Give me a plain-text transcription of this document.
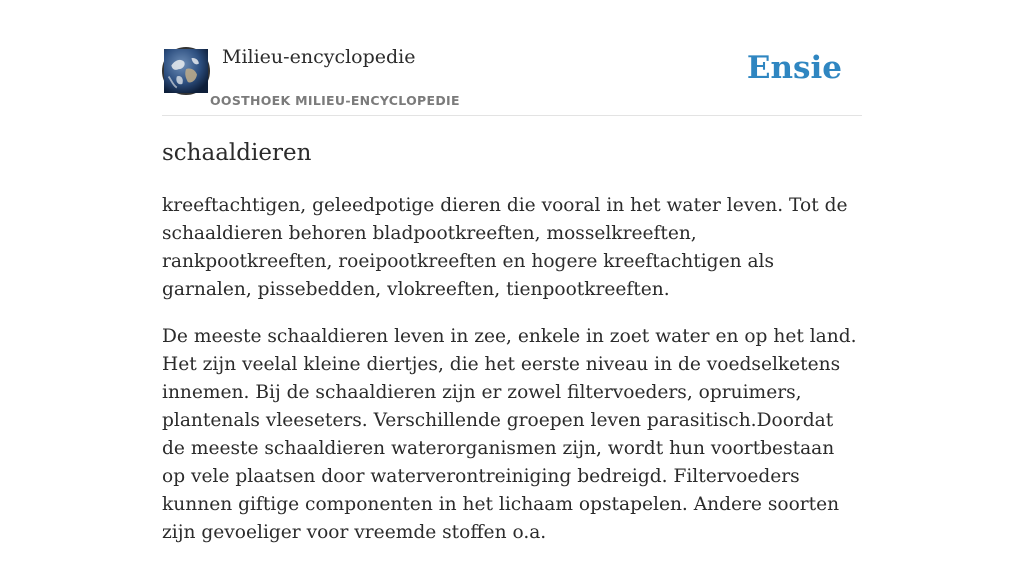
Milieu-encyclopedie
OOSTHOEK MILIEU-ENCYCLOPEDIE
Ensie
schaaldieren

kreeftachtigen, geleedpotige dieren die vooral in het water leven. Tot de schaaldieren behoren bladpootkreeften, mosselkreeften, rankpootkreeften, roeipootkreeften en hogere kreeftachtigen als garnalen, pissebedden, vlokreeften, tienpootkreeften.

De meeste schaaldieren leven in zee, enkele in zoet water en op het land. Het zijn veelal kleine diertjes, die het eerste niveau in de voedselketens innemen. Bij de schaaldieren zijn er zowel filtervoeders, opruimers, plantenals vleeseters. Verschillende groepen leven parasitisch.Doordat de meeste schaaldieren waterorganismen zijn, wordt hun voortbestaan op vele plaatsen door waterverontreiniging bedreigd. Filtervoeders kunnen giftige componenten in het lichaam opstapelen. Andere soorten zijn gevoeliger voor vreemde stoffen o.a.
